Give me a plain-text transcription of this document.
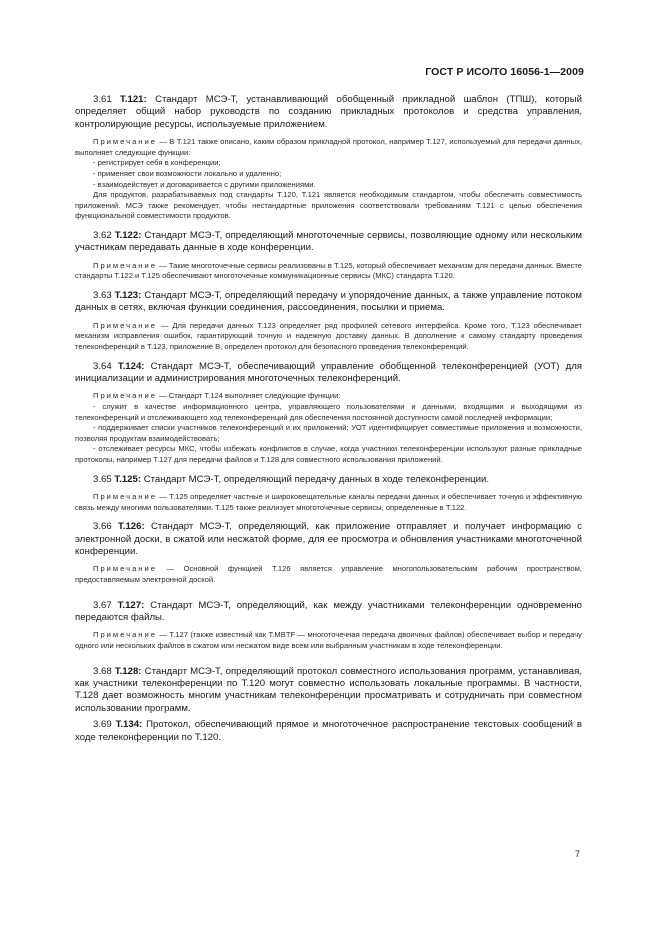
ГОСТ Р ИСО/ТО 16056-1—2009

3.61 T.121: Стандарт МСЭ-Т, устанавливающий обобщенный прикладной шаблон (ТПШ), который определяет общий набор руководств по созданию прикладных протоколов и средства управления, контролирующие ресурсы, используемые приложением.

Примечание — В Т.121 также описано, каким образом прикладной протокол, например Т.127, используемый для передачи данных, выполняет следующие функции:

- регистрирует себя в конференции;

- применяет свои возможности локально и удаленно;

- взаимодействует и договаривается с другими приложениями.

Для продуктов, разрабатываемых под стандарты Т.120, Т.121 является необходимым стандартом, чтобы обеспечить совместимость приложений. МСЭ также рекомендует, чтобы нестандартные приложения соответствовали требованиям Т.121 с целью обеспечения функциональной совместимости продуктов.

3.62 T.122: Стандарт МСЭ-Т, определяющий многоточечные сервисы, позволяющие одному или нескольким участникам передавать данные в ходе конференции.

Примечание — Такие многоточечные сервисы реализованы в Т.125, который обеспечивает механизм для передачи данных. Вместе стандарты Т.122 и Т.125 обеспечивают многоточечные коммуникационные сервисы (МКС) стандарта Т.120.

3.63 T.123: Стандарт МСЭ-Т, определяющий передачу и упорядочение данных, а также управление потоком данных в сетях, включая функции соединения, рассоединения, посылки и приема.

Примечание — Для передачи данных Т.123 определяет ряд профилей сетевого интерфейса. Кроме того, Т.123 обеспечивает механизм исправления ошибок, гарантирующий точную и надежную доставку данных. В дополнение к самому стандарту проведения телеконференций в Т.123, приложение В, определен протокол для безопасного проведения телеконференций.

3.64 T.124: Стандарт МСЭ-Т, обеспечивающий управление обобщенной телеконференцией (УОТ) для инициализации и администрирования многоточечных телеконференций.

Примечание — Стандарт Т.124 выполняет следующие функции:

- служит в качестве информационного центра, управляющего пользователями и данными, входящими и выходящими из телеконференций и отслеживающего ход телеконференций для обеспечения постоянной доступности самой последней информации;

- поддерживает списки участников телеконференций и их приложений; УОТ идентифицирует совместимые приложения и возможности, позволяя продуктам взаимодействовать;

- отслеживает ресурсы МКС, чтобы избежать конфликтов в случае, когда участники телеконференции используют разные прикладные протоколы, например Т.127 для передачи файлов и Т.128 для совместного использования приложений.

3.65 T.125: Стандарт МСЭ-Т, определяющий передачу данных в ходе телеконференции.

Примечание — Т.125 определяет частные и широковещательные каналы передачи данных и обеспечивает точную и эффективную связь между многими пользователями. Т.125 также реализует многоточечные сервисы, определенные в Т.122.

3.66 T.126: Стандарт МСЭ-Т, определяющий, как приложение отправляет и получает информацию с электронной доски, в сжатой или несжатой форме, для ее просмотра и обновления участниками многоточечной конференции.

Примечание — Основной функцией Т.126 является управление многопользовательским рабочим пространством, предоставляемым электронной доской.

3.67 T.127: Стандарт МСЭ-Т, определяющий, как между участниками телеконференции одновременно передаются файлы.

Примечание — Т.127 (также известный как T.MBTF — многоточечная передача двоичных файлов) обеспечивает выбор и передачу одного или нескольких файлов в сжатом или несжатом виде всем или выбранным участникам в ходе телеконференции.

3.68 T.128: Стандарт МСЭ-Т, определяющий протокол совместного использования программ, устанавливая, как участники телеконференции по Т.120 могут совместно использовать локальные программы. В частности, Т.128 дает возможность многим участникам телеконференции просматривать и сотрудничать при совместном использовании программ.

3.69 T.134: Протокол, обеспечивающий прямое и многоточечное распространение текстовых сообщений в ходе телеконференции по Т.120.

7
